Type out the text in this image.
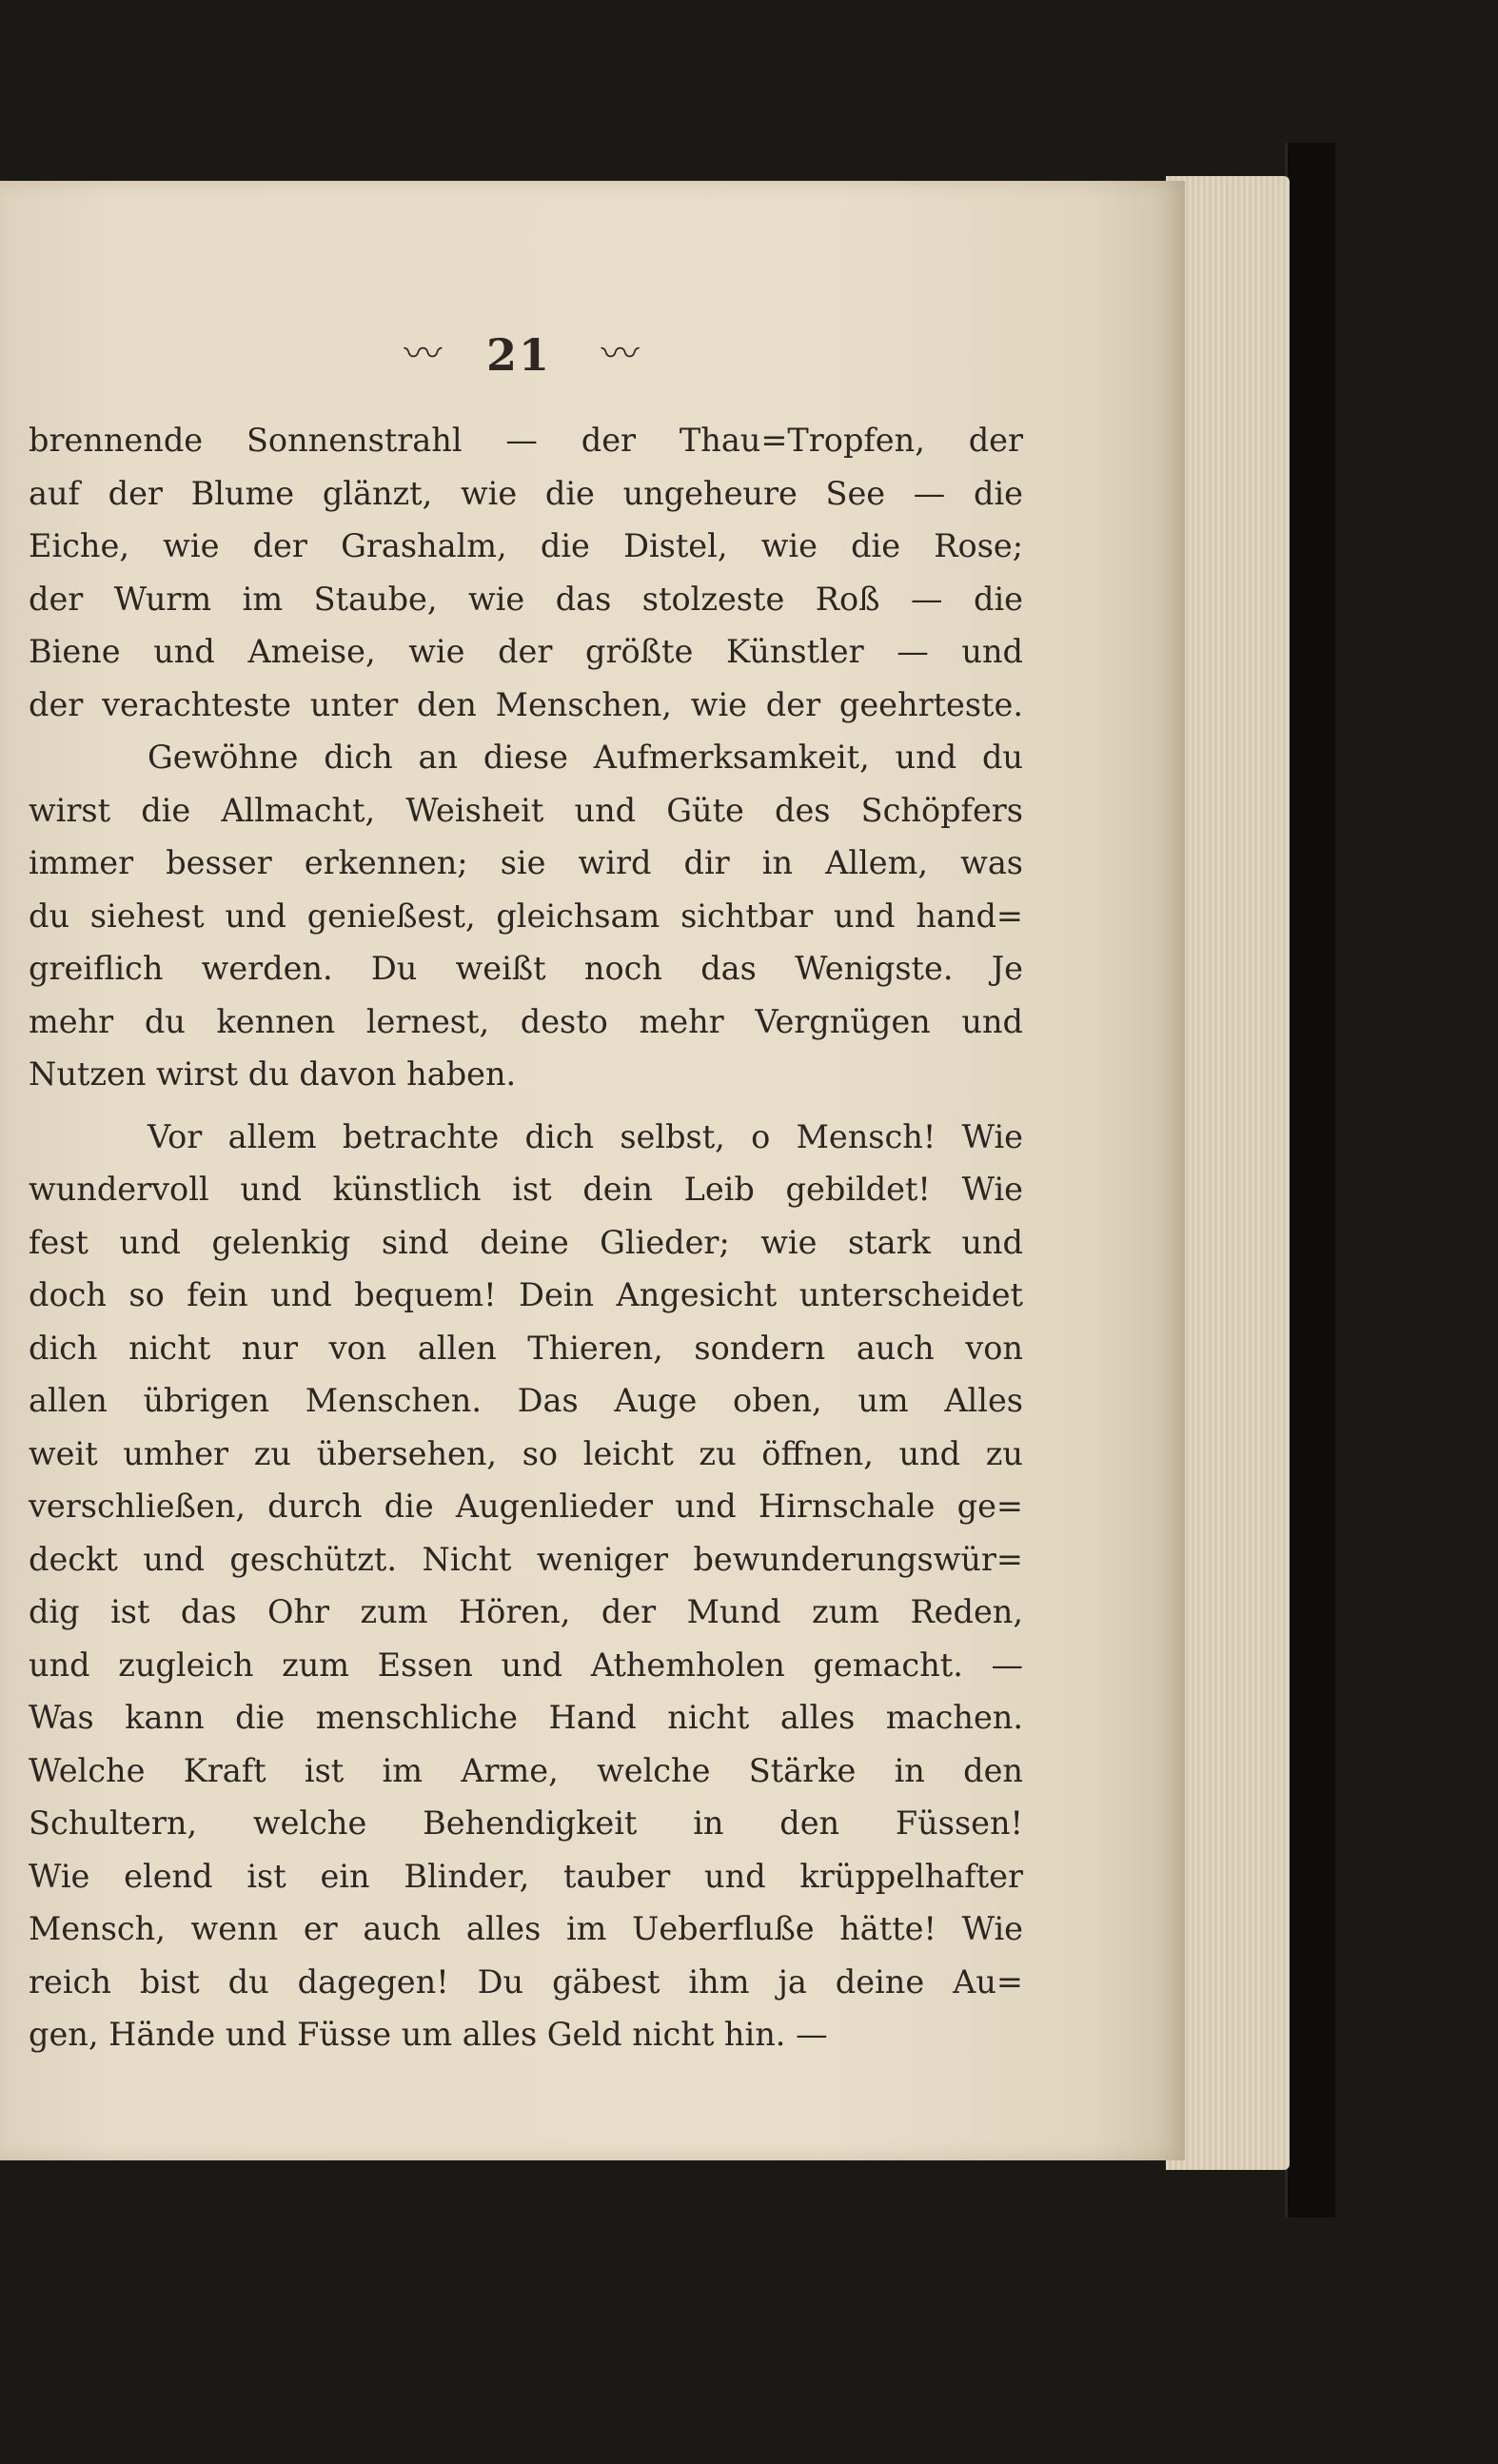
〰 21 〰
brennende Sonnenstrahl — der Thau=Tropfen, der
auf der Blume glänzt, wie die ungeheure See — die
Eiche, wie der Grashalm, die Distel, wie die Rose;
der Wurm im Staube, wie das stolzeste Roß — die
Biene und Ameise, wie der größte Künstler — und
der verachteste unter den Menschen, wie der geehrteste.
Gewöhne dich an diese Aufmerksamkeit, und du
wirst die Allmacht, Weisheit und Güte des Schöpfers
immer besser erkennen; sie wird dir in Allem, was
du siehest und genießest, gleichsam sichtbar und hand=
greiflich werden. Du weißt noch das Wenigste. Je
mehr du kennen lernest, desto mehr Vergnügen und
Nutzen wirst du davon haben.
Vor allem betrachte dich selbst, o Mensch! Wie
wundervoll und künstlich ist dein Leib gebildet! Wie
fest und gelenkig sind deine Glieder; wie stark und
doch so fein und bequem! Dein Angesicht unterscheidet
dich nicht nur von allen Thieren, sondern auch von
allen übrigen Menschen. Das Auge oben, um Alles
weit umher zu übersehen, so leicht zu öffnen, und zu
verschließen, durch die Augenlieder und Hirnschale ge=
deckt und geschützt. Nicht weniger bewunderungswür=
dig ist das Ohr zum Hören, der Mund zum Reden,
und zugleich zum Essen und Athemholen gemacht. —
Was kann die menschliche Hand nicht alles machen.
Welche Kraft ist im Arme, welche Stärke in den
Schultern, welche Behendigkeit in den Füssen!
Wie elend ist ein Blinder, tauber und krüppelhafter
Mensch, wenn er auch alles im Ueberfluße hätte! Wie
reich bist du dagegen! Du gäbest ihm ja deine Au=
gen, Hände und Füsse um alles Geld nicht hin. —
